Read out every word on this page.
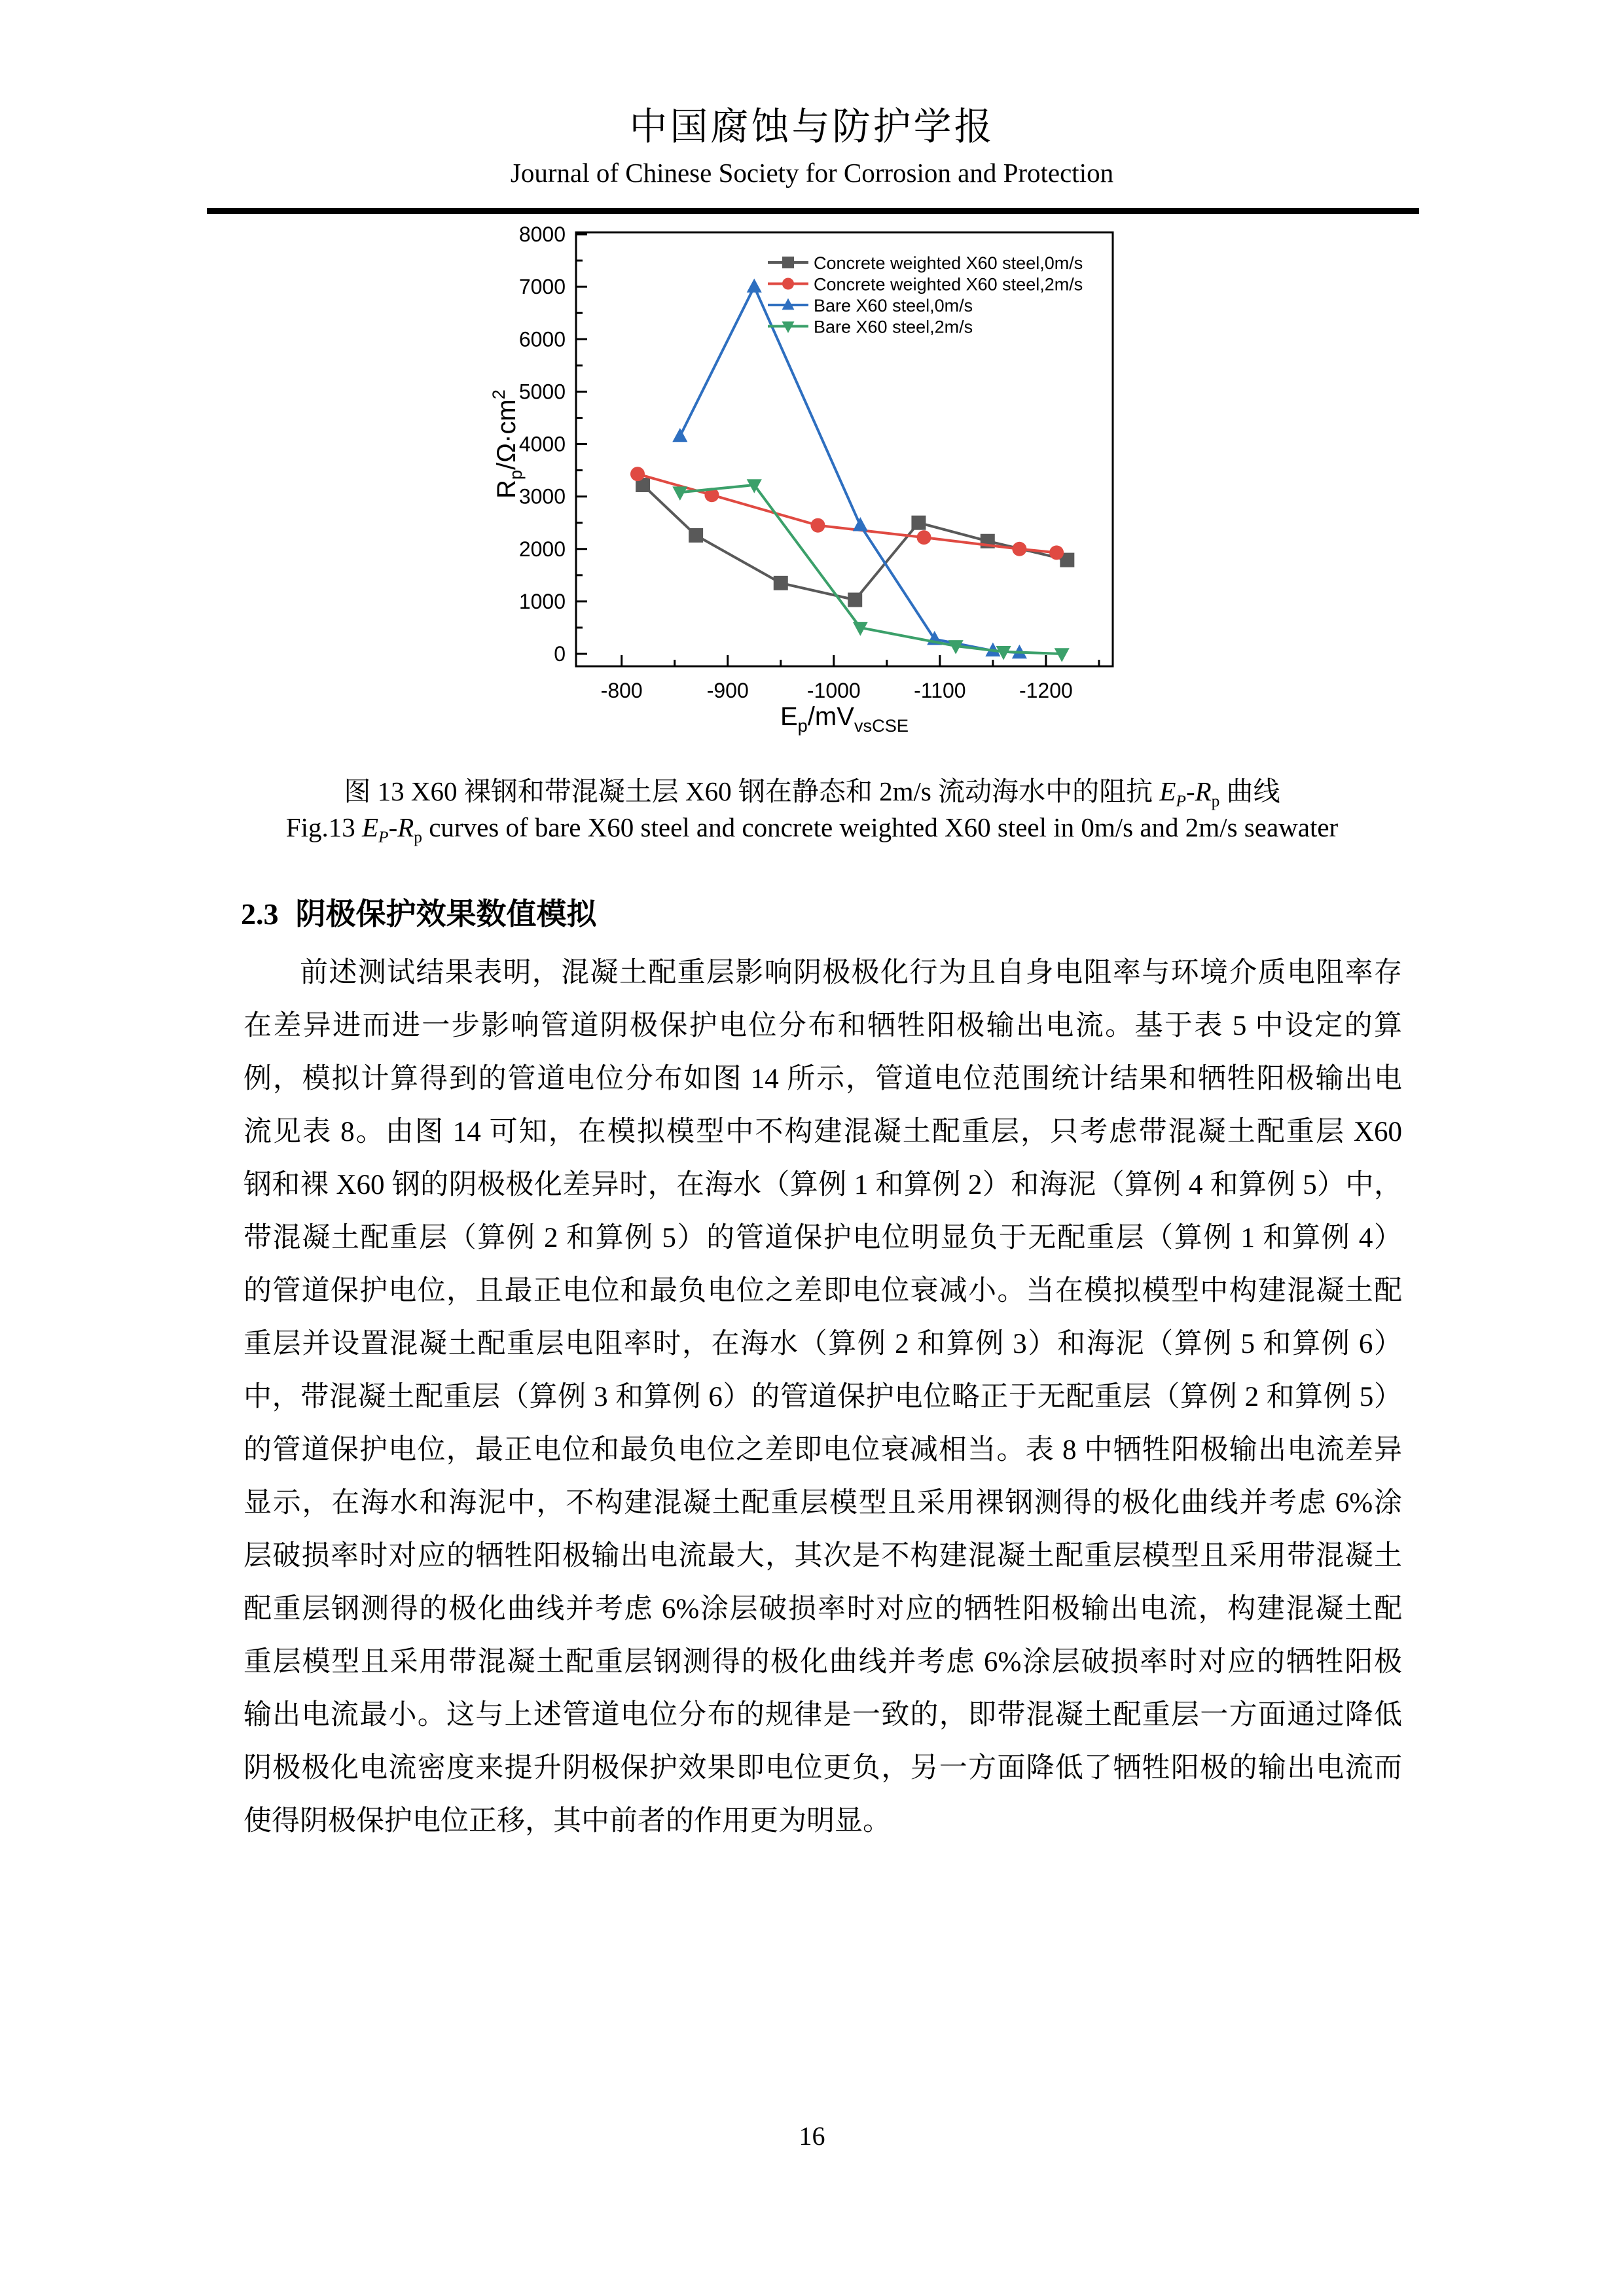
中国腐蚀与防护学报
Journal of Chinese Society for Corrosion and Protection
0
1000
2000
3000
4000
5000
6000
7000
8000
-800	-900	-1000	-1100	-1200
Concrete weighted X60 steel,0m/s
Concrete weighted X60 steel,2m/s
Bare X60 steel,0m/s
Bare X60 steel,2m/s
Ep/mVvsCSE
Rp/Ω·cm2
图 13 X60 裸钢和带混凝土层 X60 钢在静态和 2m/s 流动海水中的阻抗 $E_P-R_p$ 曲线
Fig.13 $E_P-R_p$ curves of bare X60 steel and concrete weighted X60 steel in 0m/s and 2m/s seawater
2.3 阴极保护效果数值模拟
前述测试结果表明，混凝土配重层影响阴极极化行为且自身电阻率与环境介质电阻率存
在差异进而进一步影响管道阴极保护电位分布和牺牲阳极输出电流。基于表 5 中设定的算
例，模拟计算得到的管道电位分布如图 14 所示，管道电位范围统计结果和牺牲阳极输出电
流见表 8。由图 14 可知，在模拟模型中不构建混凝土配重层，只考虑带混凝土配重层 X60
钢和裸 X60 钢的阴极极化差异时，在海水（算例 1 和算例 2）和海泥（算例 4 和算例 5）中，
带混凝土配重层（算例 2 和算例 5）的管道保护电位明显负于无配重层（算例 1 和算例 4）
的管道保护电位，且最正电位和最负电位之差即电位衰减小。当在模拟模型中构建混凝土配
重层并设置混凝土配重层电阻率时，在海水（算例 2 和算例 3）和海泥（算例 5 和算例 6）
中，带混凝土配重层（算例 3 和算例 6）的管道保护电位略正于无配重层（算例 2 和算例 5）
的管道保护电位，最正电位和最负电位之差即电位衰减相当。表 8 中牺牲阳极输出电流差异
显示，在海水和海泥中，不构建混凝土配重层模型且采用裸钢测得的极化曲线并考虑 6%涂
层破损率时对应的牺牲阳极输出电流最大，其次是不构建混凝土配重层模型且采用带混凝土
配重层钢测得的极化曲线并考虑 6%涂层破损率时对应的牺牲阳极输出电流，构建混凝土配
重层模型且采用带混凝土配重层钢测得的极化曲线并考虑 6%涂层破损率时对应的牺牲阳极
输出电流最小。这与上述管道电位分布的规律是一致的，即带混凝土配重层一方面通过降低
阴极极化电流密度来提升阴极保护效果即电位更负，另一方面降低了牺牲阳极的输出电流而
使得阴极保护电位正移，其中前者的作用更为明显。
16
